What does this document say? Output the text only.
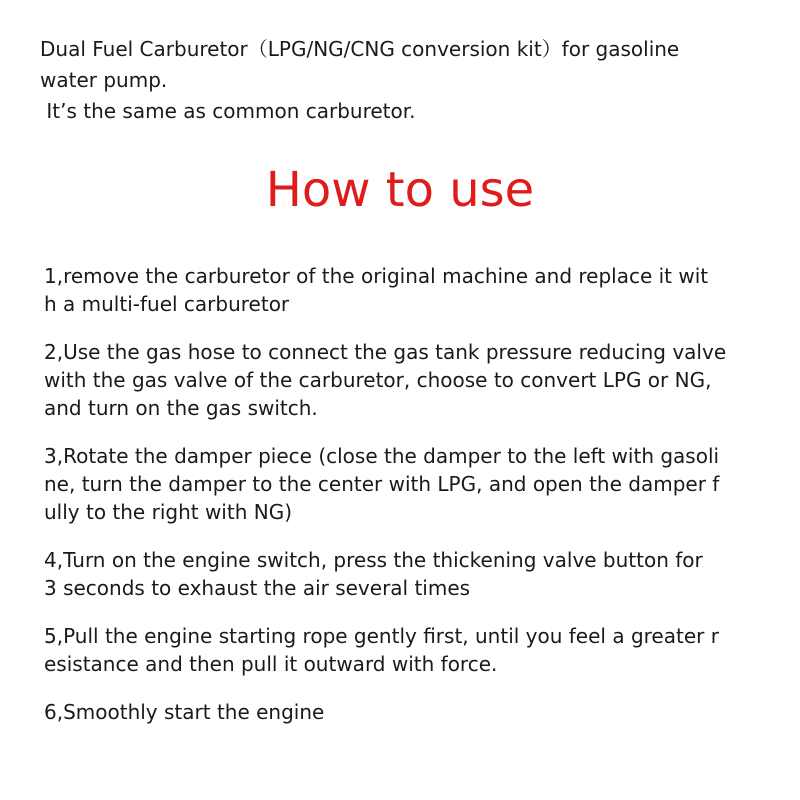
Dual Fuel Carburetor（LPG/NG/CNG conversion kit）for gasoline
water pump.
It’s the same as common carburetor.
How to use
1,remove the carburetor of the original machine and replace it wit
h a multi-fuel carburetor
2,Use the gas hose to connect the gas tank pressure reducing valve
with the gas valve of the carburetor, choose to convert LPG or NG,
and turn on the gas switch.
3,Rotate the damper piece (close the damper to the left with gasoli
ne, turn the damper to the center with LPG, and open the damper f
ully to the right with NG)
4,Turn on the engine switch, press the thickening valve button for
3 seconds to exhaust the air several times
5,Pull the engine starting rope gently first, until you feel a greater r
esistance and then pull it outward with force.
6,Smoothly start the engine
